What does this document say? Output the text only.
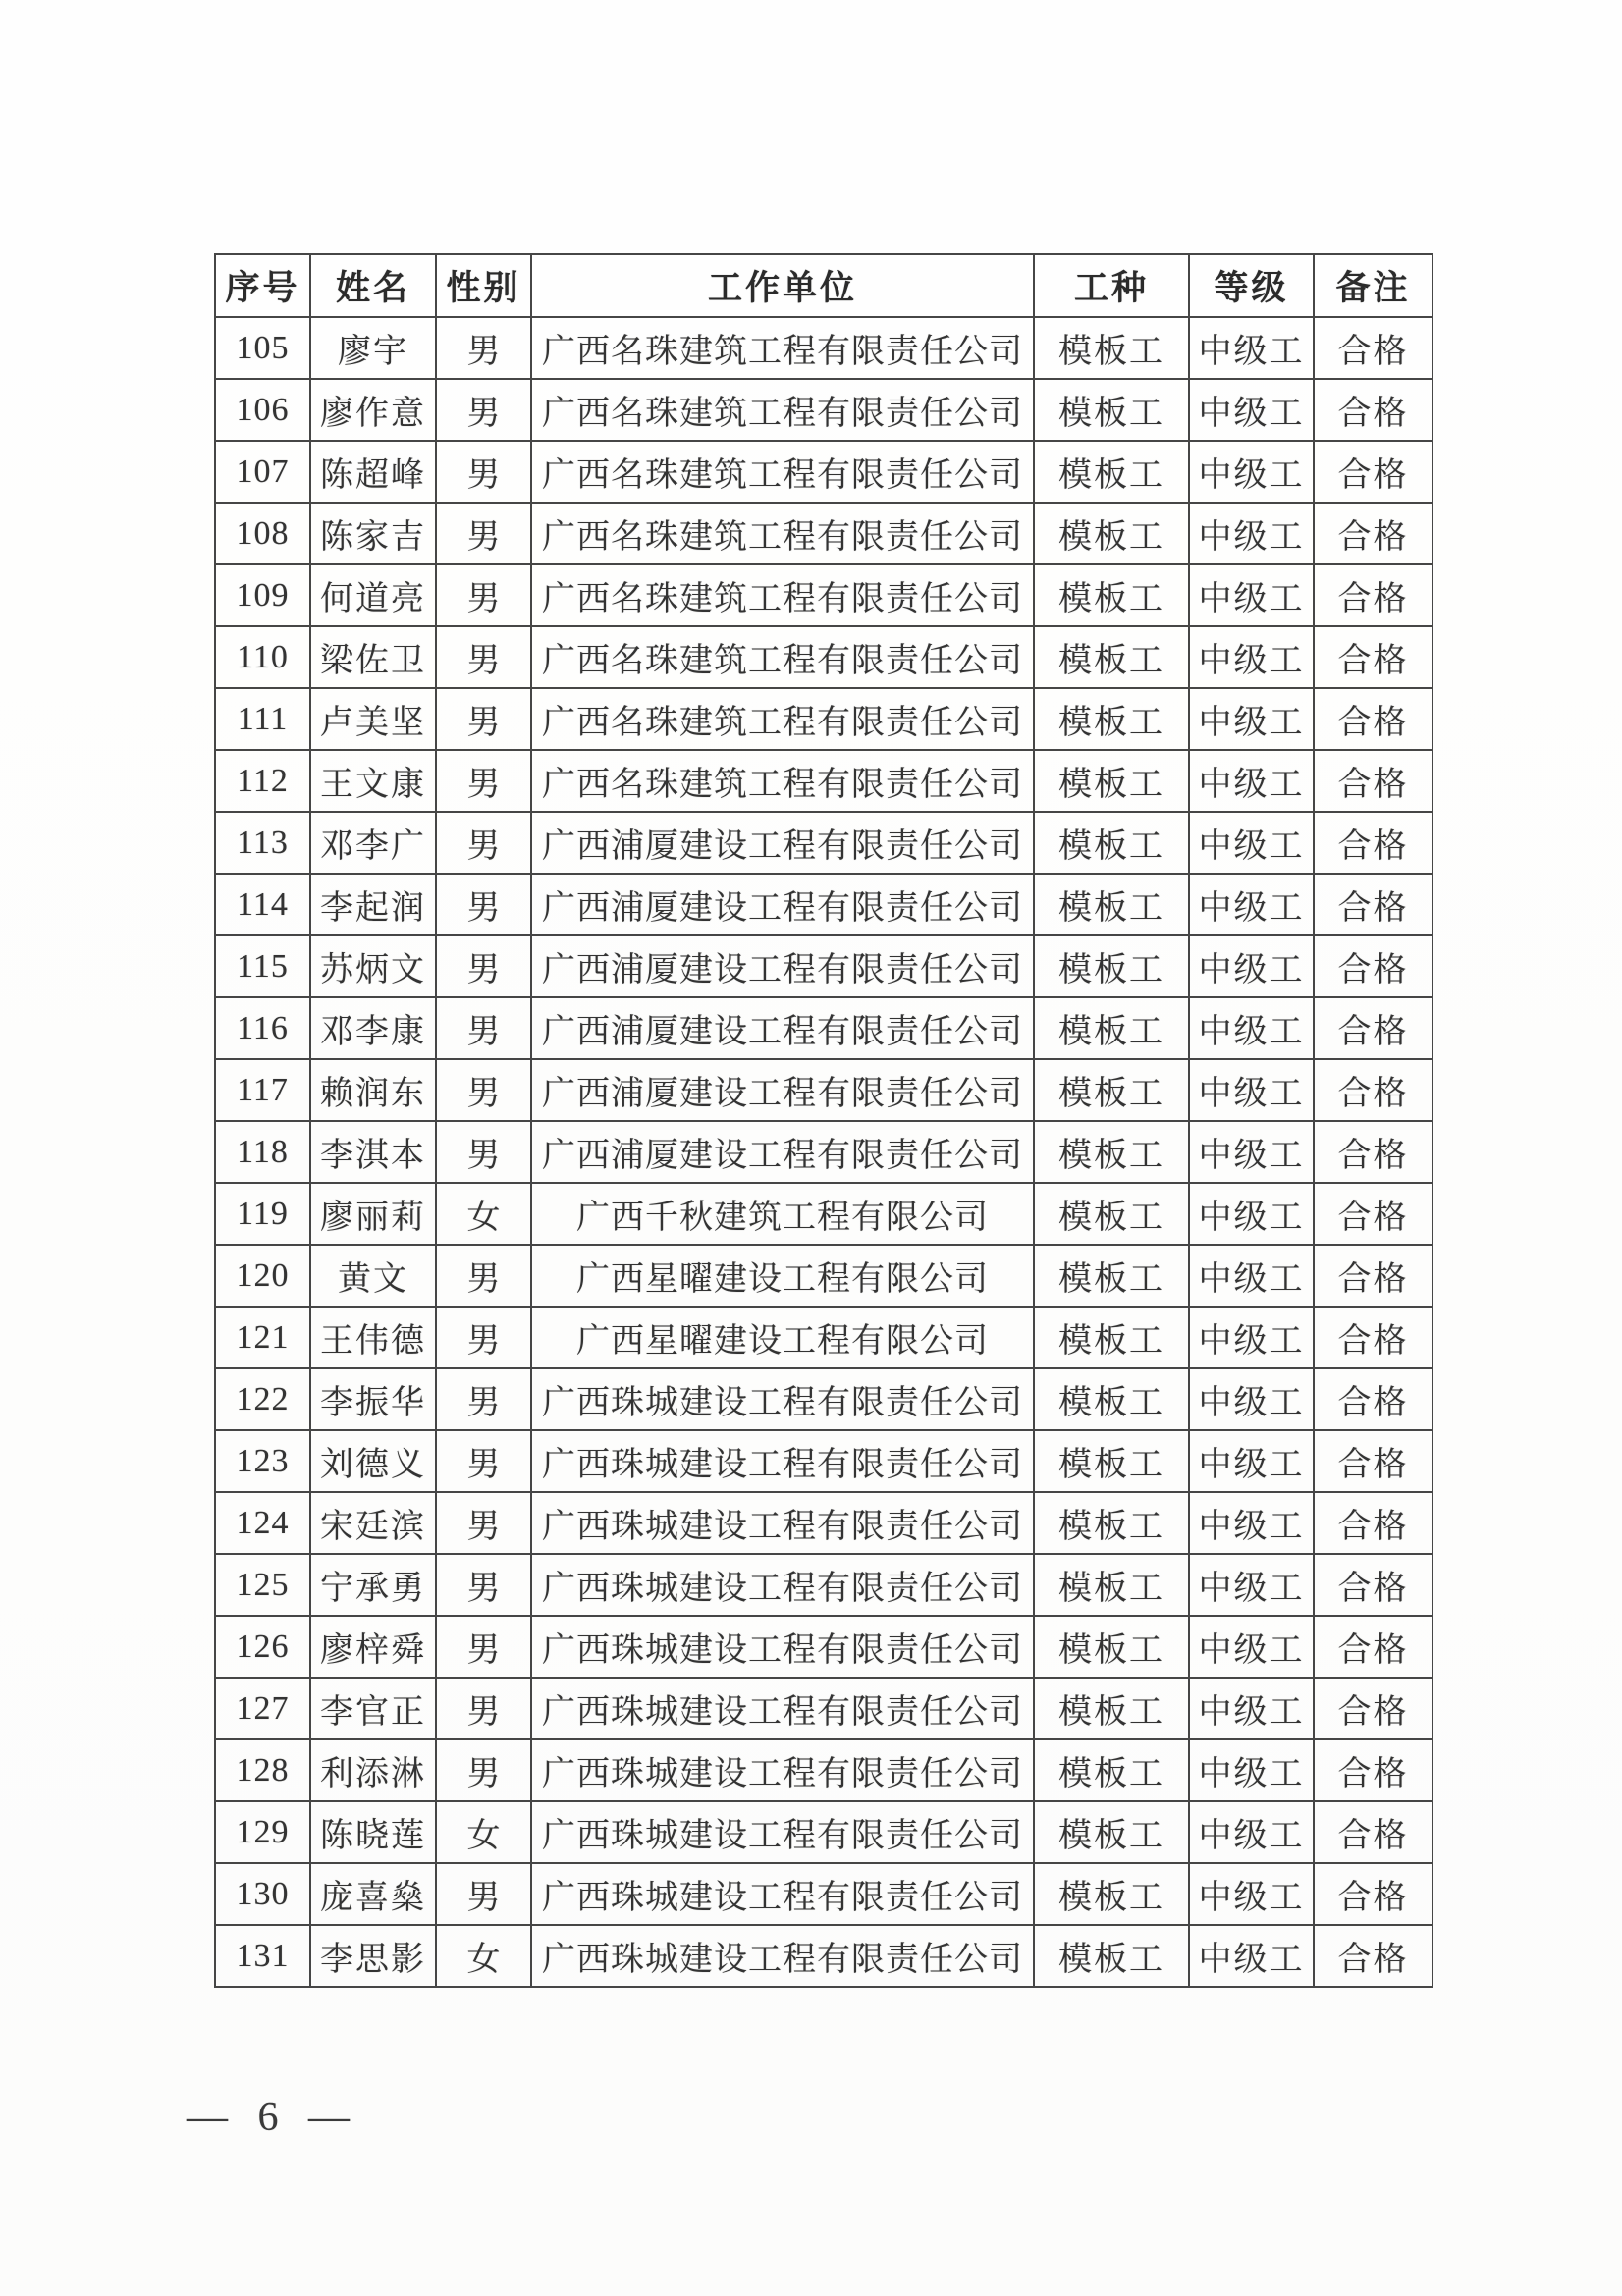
序号	姓名	性别	工作单位	工种	等级	备注
105	廖宇	男	广西名珠建筑工程有限责任公司	模板工	中级工	合格
106	廖作意	男	广西名珠建筑工程有限责任公司	模板工	中级工	合格
107	陈超峰	男	广西名珠建筑工程有限责任公司	模板工	中级工	合格
108	陈家吉	男	广西名珠建筑工程有限责任公司	模板工	中级工	合格
109	何道亮	男	广西名珠建筑工程有限责任公司	模板工	中级工	合格
110	梁佐卫	男	广西名珠建筑工程有限责任公司	模板工	中级工	合格
111	卢美坚	男	广西名珠建筑工程有限责任公司	模板工	中级工	合格
112	王文康	男	广西名珠建筑工程有限责任公司	模板工	中级工	合格
113	邓李广	男	广西浦厦建设工程有限责任公司	模板工	中级工	合格
114	李起润	男	广西浦厦建设工程有限责任公司	模板工	中级工	合格
115	苏炳文	男	广西浦厦建设工程有限责任公司	模板工	中级工	合格
116	邓李康	男	广西浦厦建设工程有限责任公司	模板工	中级工	合格
117	赖润东	男	广西浦厦建设工程有限责任公司	模板工	中级工	合格
118	李淇本	男	广西浦厦建设工程有限责任公司	模板工	中级工	合格
119	廖丽莉	女	广西千秋建筑工程有限公司	模板工	中级工	合格
120	黄文	男	广西星曜建设工程有限公司	模板工	中级工	合格
121	王伟德	男	广西星曜建设工程有限公司	模板工	中级工	合格
122	李振华	男	广西珠城建设工程有限责任公司	模板工	中级工	合格
123	刘德义	男	广西珠城建设工程有限责任公司	模板工	中级工	合格
124	宋廷滨	男	广西珠城建设工程有限责任公司	模板工	中级工	合格
125	宁承勇	男	广西珠城建设工程有限责任公司	模板工	中级工	合格
126	廖梓舜	男	广西珠城建设工程有限责任公司	模板工	中级工	合格
127	李官正	男	广西珠城建设工程有限责任公司	模板工	中级工	合格
128	利添淋	男	广西珠城建设工程有限责任公司	模板工	中级工	合格
129	陈晓莲	女	广西珠城建设工程有限责任公司	模板工	中级工	合格
130	庞喜燊	男	广西珠城建设工程有限责任公司	模板工	中级工	合格
131	李思影	女	广西珠城建设工程有限责任公司	模板工	中级工	合格
— 6 —
